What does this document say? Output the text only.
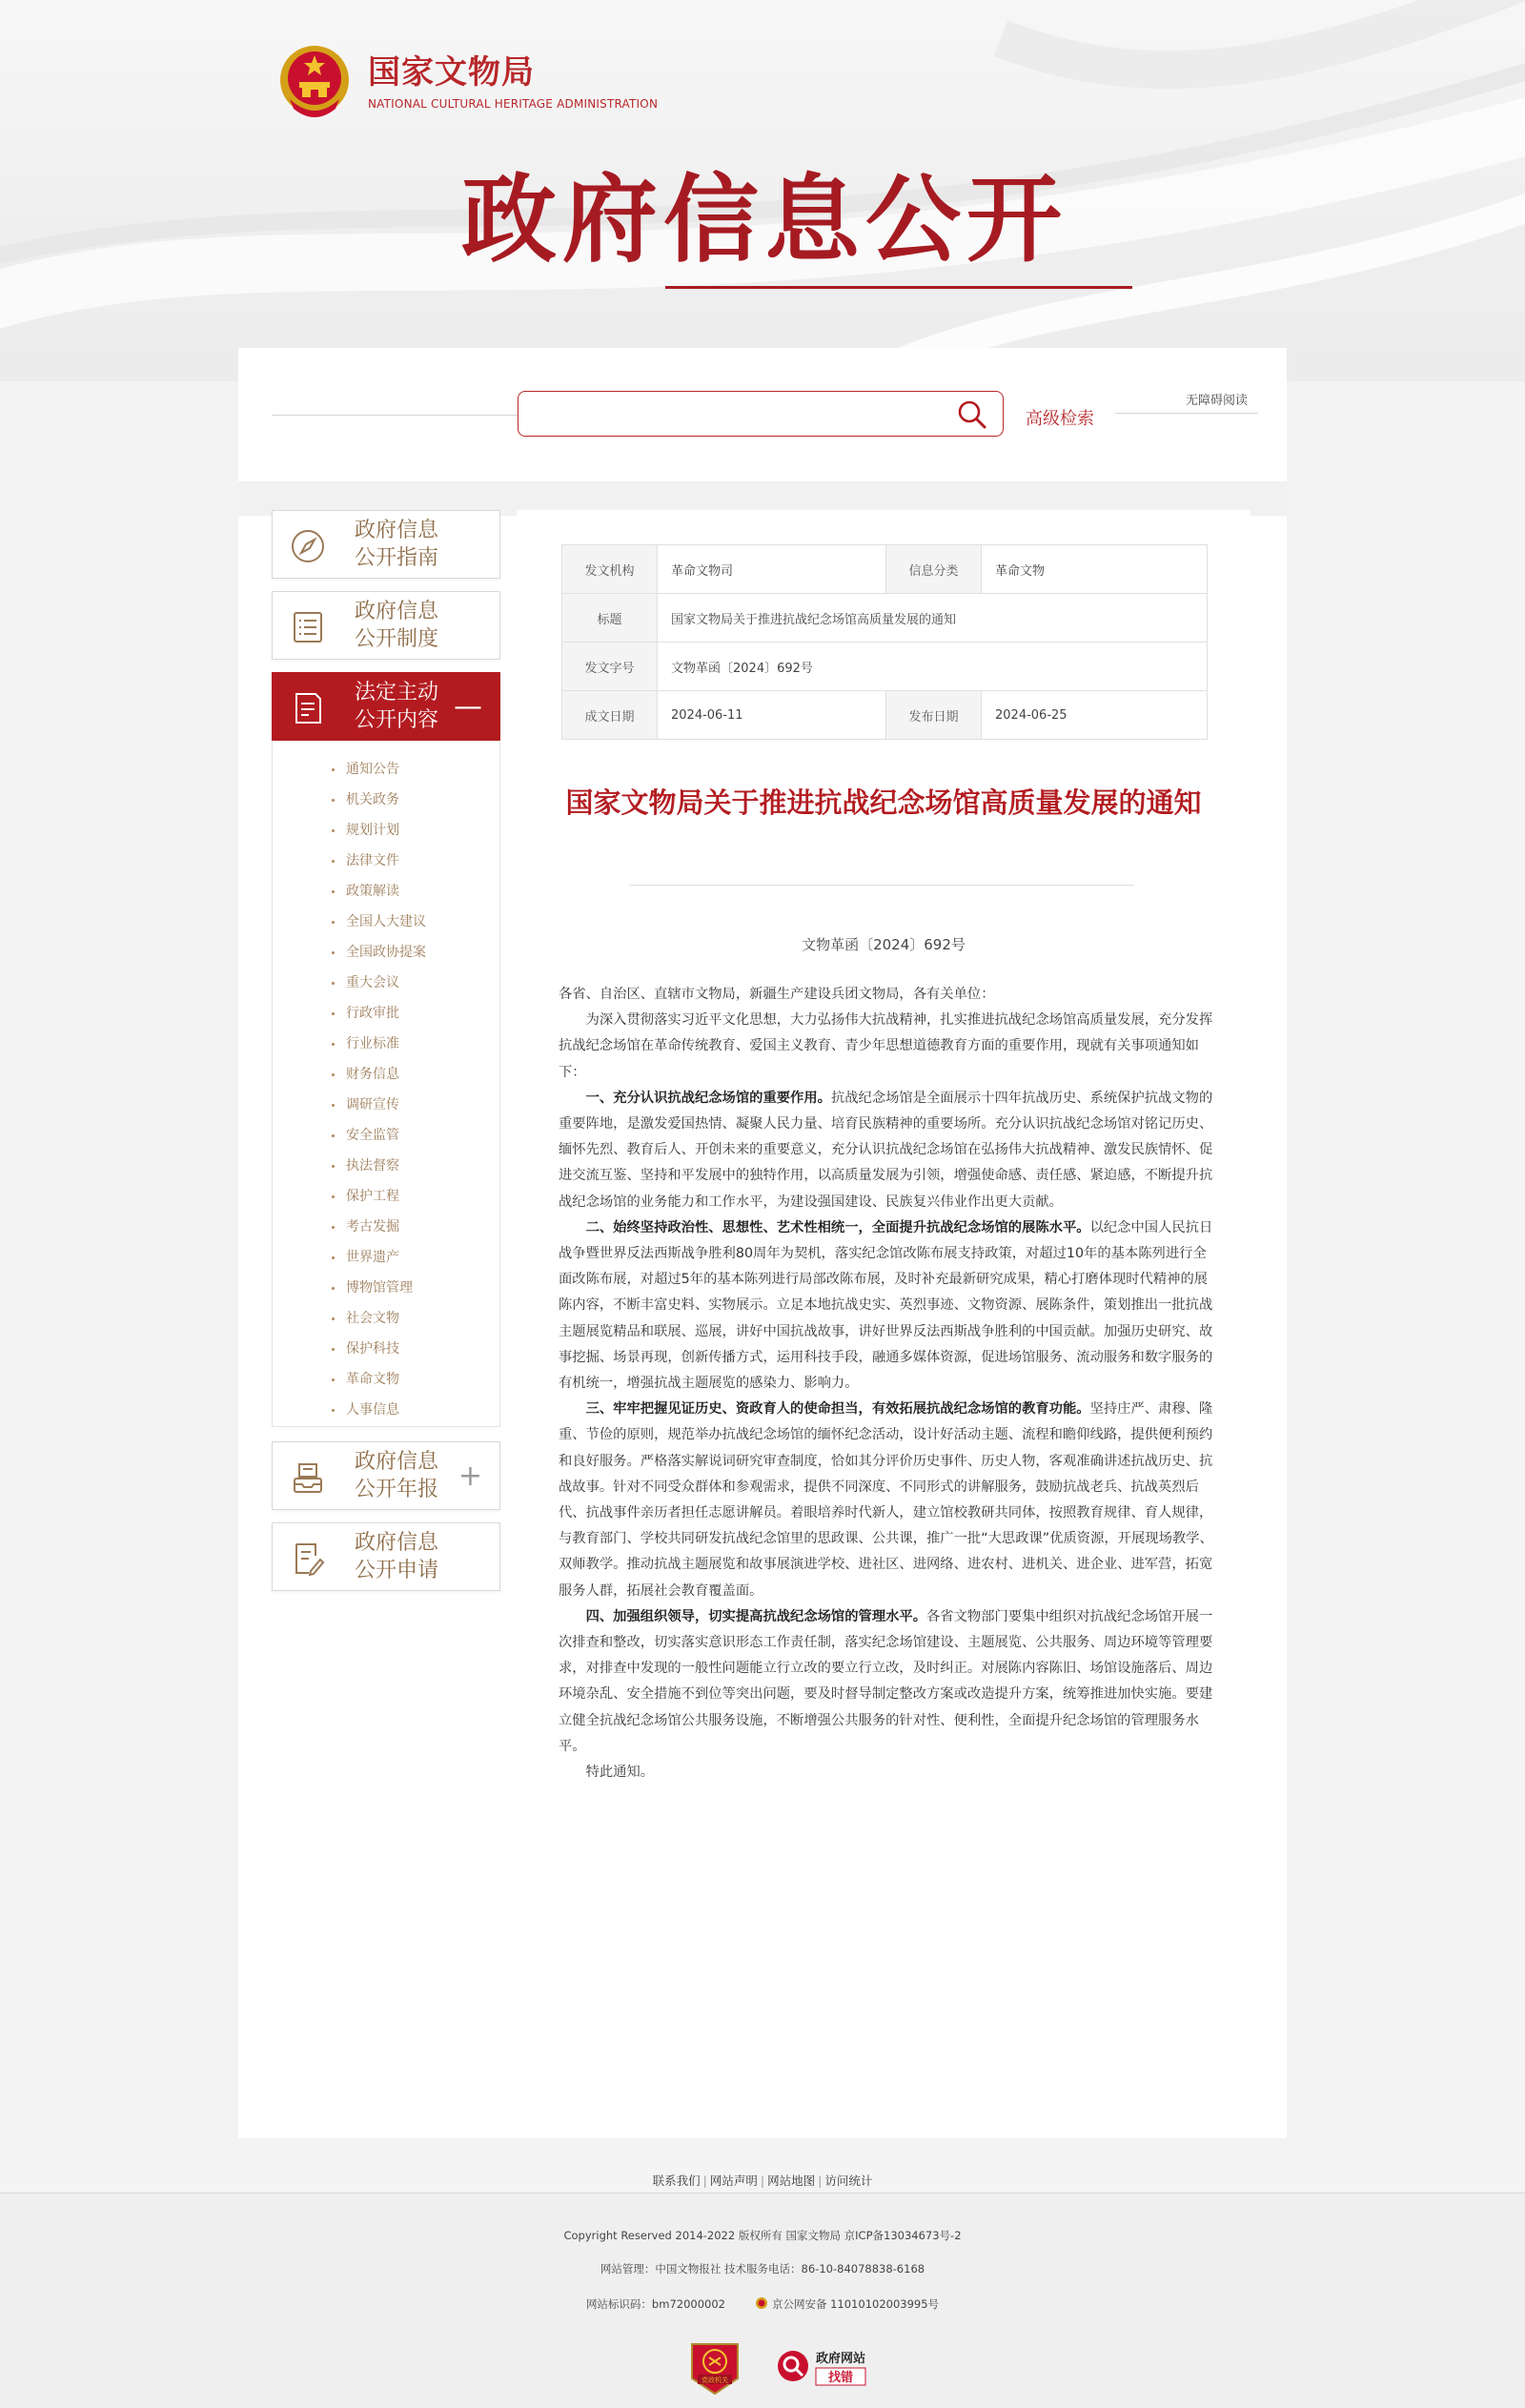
国家文物局
NATIONAL CULTURAL HERITAGE ADMINISTRATION
政府信息公开
高级检索
无障碍阅读
政府信息
公开指南
政府信息
公开制度
法定主动
公开内容 —
通知公告
机关政务
规划计划
法律文件
政策解读
全国人大建议
全国政协提案
重大会议
行政审批
行业标准
财务信息
调研宣传
安全监管
执法督察
保护工程
考古发掘
世界遗产
博物馆管理
社会文物
保护科技
革命文物
人事信息
政府信息
公开年报 +
政府信息
公开申请
发文机构	革命文物司	信息分类	革命文物
标题	国家文物局关于推进抗战纪念场馆高质量发展的通知		
发文字号	文物革函〔2024〕692号		
成文日期	2024-06-11	发布日期	2024-06-25
国家文物局关于推进抗战纪念场馆高质量发展的通知
文物革函〔2024〕692号

各省、自治区、直辖市文物局，新疆生产建设兵团文物局，各有关单位：

为深入贯彻落实习近平文化思想，大力弘扬伟大抗战精神，扎实推进抗战纪念场馆高质量发展，充分发挥抗战纪念场馆在革命传统教育、爱国主义教育、青少年思想道德教育方面的重要作用，现就有关事项通知如下：

一、充分认识抗战纪念场馆的重要作用。抗战纪念场馆是全面展示十四年抗战历史、系统保护抗战文物的重要阵地，是激发爱国热情、凝聚人民力量、培育民族精神的重要场所。充分认识抗战纪念场馆对铭记历史、缅怀先烈、教育后人、开创未来的重要意义，充分认识抗战纪念场馆在弘扬伟大抗战精神、激发民族情怀、促进交流互鉴、坚持和平发展中的独特作用，以高质量发展为引领，增强使命感、责任感、紧迫感，不断提升抗战纪念场馆的业务能力和工作水平，为建设强国建设、民族复兴伟业作出更大贡献。

二、始终坚持政治性、思想性、艺术性相统一，全面提升抗战纪念场馆的展陈水平。以纪念中国人民抗日战争暨世界反法西斯战争胜利80周年为契机，落实纪念馆改陈布展支持政策，对超过10年的基本陈列进行全面改陈布展，对超过5年的基本陈列进行局部改陈布展，及时补充最新研究成果，精心打磨体现时代精神的展陈内容，不断丰富史料、实物展示。立足本地抗战史实、英烈事迹、文物资源、展陈条件，策划推出一批抗战主题展览精品和联展、巡展，讲好中国抗战故事，讲好世界反法西斯战争胜利的中国贡献。加强历史研究、故事挖掘、场景再现，创新传播方式，运用科技手段，融通多媒体资源，促进场馆服务、流动服务和数字服务的有机统一，增强抗战主题展览的感染力、影响力。

三、牢牢把握见证历史、资政育人的使命担当，有效拓展抗战纪念场馆的教育功能。坚持庄严、肃穆、隆重、节俭的原则，规范举办抗战纪念场馆的缅怀纪念活动，设计好活动主题、流程和瞻仰线路，提供便利预约和良好服务。严格落实解说词研究审查制度，恰如其分评价历史事件、历史人物，客观准确讲述抗战历史、抗战故事。针对不同受众群体和参观需求，提供不同深度、不同形式的讲解服务，鼓励抗战老兵、抗战英烈后代、抗战事件亲历者担任志愿讲解员。着眼培养时代新人，建立馆校教研共同体，按照教育规律、育人规律，与教育部门、学校共同研发抗战纪念馆里的思政课、公共课，推广一批“大思政课”优质资源，开展现场教学、双师教学。推动抗战主题展览和故事展演进学校、进社区、进网络、进农村、进机关、进企业、进军营，拓宽服务人群，拓展社会教育覆盖面。

四、加强组织领导，切实提高抗战纪念场馆的管理水平。各省文物部门要集中组织对抗战纪念场馆开展一次排查和整改，切实落实意识形态工作责任制，落实纪念场馆建设、主题展览、公共服务、周边环境等管理要求，对排查中发现的一般性问题能立行立改的要立行立改，及时纠正。对展陈内容陈旧、场馆设施落后、周边环境杂乱、安全措施不到位等突出问题，要及时督导制定整改方案或改造提升方案，统筹推进加快实施。要建立健全抗战纪念场馆公共服务设施，不断增强公共服务的针对性、便利性，全面提升纪念场馆的管理服务水平。

特此通知。

联系我们 | 网站声明 | 网站地图 | 访问统计
Copyright Reserved 2014-2022 版权所有 国家文物局 京ICP备13034673号-2
网站管理：中国文物报社 技术服务电话：86-10-84078838-6168
网站标识码：bm72000002	京公网安备 11010102003995号
党政机关
政府网站
找错
